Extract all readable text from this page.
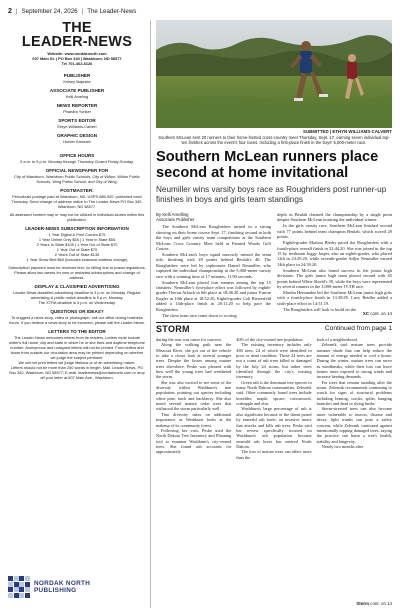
2 | September 24, 2026 | The Leader-News
THE
LEADER-NEWS
Website: www.nordaknorth.com
607 Main St. | PO Box 340 | Washburn, ND 58577
Tel 701-462-8126
PUBLISHER
Kelsey Majeske
ASSOCIATE PUBLISHER
Kelli Ameling
NEWS REPORTER
Phaedra Yunker
SPORTS EDITOR
Ethyn Williams-Calvert
GRAPHIC DESIGN
Hunter Kamrath
OFFICE HOURS
9 a.m. to 5 p.m. Monday through Thursday Closed Friday-Sunday.
OFFICIAL NEWSPAPER FOR
City of Washburn, Washburn Public Schools, City of Wilton, Wilton Public Schools, Wing Public School, and City of Wing.
POSTMASTER:
Periodicals postage paid at Washburn, ND, USPS 686-920, published each Thursday. Send change of address notice to The Leader-News PO Box 340, Washburn, ND 58577.
All assessed content may or may not be utilized in individual stories within this publication.
LEADER-NEWS SUBSCRIPTION INFORMATION
1 Year Digital & Print Combo $75
1 Year Online Only $55 | 1 Year In State $55
2 Years In State $105 | 1 Year Out of State $70
1 Year Out of State $70
2 Years Out of State $135
1 Year Snow Bird $60 (includes seasonal address change)
Subscription payment must be received first, no billing due to postal regulations. Please allow two weeks for new or restarted subscriptions and change of address.
DISPLAY & CLASSIFIED ADVERTISING
Leader-News classified advertising deadline is 3 p.m. on Monday. Regular advertising & public notice deadline is 5 p.m. Monday.
The XTRA deadline is 5 p.m. on Wednesday.
QUESTIONS OR IDEAS?
To suggest a news story, video or photograph, call our office during business hours. If you believe a news story to be incorrect, please call the Leader-News.
LETTERS TO THE EDITOR
The Leader-News welcomes letters from its readers. Letters must include writer's full name, city and state in which he or she lives and daytime telephone number. Anonymous and unsigned letters will not be printed. Form letters and those from outside our circulation area may be printed depending on whether we judge the subject pertinent.
We will not print letters we judge libelous or of an advertising nature.
Letters should not be more than 250 words in length. Mail: Leader-News, PO Box 340, Washburn, ND 58577; E-mail: leadernews@nordaknorth.com or drop off your letter at 607 Main Ave., Washburn.
NORDAK NORTH
PUBLISHING
SUBMITTED | ETHYN WILLIAMS-CALVERT
Southern McLean sent 20 runners to their home-hosted cross-country meet Thursday, Sept. 17, earning seven individual top-ten finishes across the event's four races. Including a first-place finish in the boys' 5,000-meter race.
Southern McLean runners place second at home invitational
Neumiller wins varsity boys race as Roughriders post runner-up finishes in boys and girls team standings
By Kelli Amelling
Associate Publisher

The Southern McLean Roughriders turned in a strong showing on their home course Sept. 17, finishing second in both the boys and girls varsity team competitions at the Southern McLean Cross Country Meet held at Painted Woods Golf Course.

Southern McLean's boys squad narrowly missed the team title, finishing with 49 points behind Beulah's 48. The Roughriders were led by sophomore Daniel Neumiller, who captured the individual championship in the 5,000-meter varsity race with a winning time of 17 minutes, 11.90 seconds.

Southern McLean placed four runners among the top 15 finishers. Neumiller's first-place effort was followed by eighth-grader Theron Arbach in 6th place at 18:46.20 and junior Easton Kugler in 10th place at 18:52.20. Eighth-grader Colt Riesterfeld added a 14th-place finish in 20:11.20 to help pace the Roughriders.

The close team race came down to scoring

depth as Beulah claimed the championship by a single point despite Southern McLean boasting the individual winner.

In the girls varsity race, Southern McLean finished second with 77 points behind team champion Beulah, which scored 29 points.

Eighth-grader Marissa Brisby paced the Roughriders with a fourth-place overall finish in 22:44.20. She was joined in the top 15 by freshman Joggy Jasper, also an eighth-grader, who placed 12th in 24:29.20, while seventh-grader Adlyn Neumiller earned 14th place in 24:39.20.

Southern McLean also found success in the junior high divisions. The girls junior high team placed second with 65 points behind White Shield's 39, while the boys were represented by several runners in the 3,000-meter JV/JH race.

Martha Hernandez led the Southern McLean junior high girls with a fourth-place finish in 13:38.85. Lucy Beidler added a sixth-place effort in 14:51.19.

The Roughriders will look to build on the

XC cont. on 14
STORM	Continued from page 1

during the tour was cause for concern.

Along the walking path near the Missouri River, she got out of the vehicle to take a closer look at several younger trees. Despite the losses among mature trees elsewhere, Peske was pleased with how well the young trees had weathered the storm.

She was also excited to see some of the diversity within Washburn's tree population, pointing out species including white pine, larch and hackberry. She also noted several mature cedar trees that withstood the storm particularly well.

That diversity takes on additional importance as Washburn looks at the makeup of its community forest.

Following her visit, Peske used the North Dakota Tree Inventory and Planning tool to examine Washburn's city-owned trees. She found ash accounts for approximately

40% of the city-owned tree population.

The existing inventory includes only 480 trees, 24 of which were identified in poor or dead condition. Those 24 trees are not a count of ash trees killed or damaged by the July 24 storm, but rather trees identified through the city's existing inventory.

Green ash is the dominant tree species in many North Dakota communities, Zeleznik said. Other commonly found trees include boxelder, maple, spruce, cottonwood, crabapple and elm.

Washburn's large percentage of ash is also significant because of the threat posed by emerald ash borer, an invasive insect that attacks and kills ash trees. Peske said her review specifically focused on Washburn's ash population because emerald ash borer has entered North Dakota.

The loss of mature trees can affect more than the

look of a neighborhood.

Zeleznik said mature trees provide summer shade that can help reduce the amount of energy needed to cool a home. During the winter, mature trees can serve as windbreaks, while their loss can leave homes more exposed to strong winds and increase heating demands.

For trees that remain standing after the storm, Zeleznik recommends continuing to watch for signs of structural problems including leaning, cracks, splits, hanging branches and dead or dying limbs.

Storm-stressed trees can also become more vulnerable to insects, disease and decay. Split trunks can pose a safety concern, while Zeleznik cautioned against intentionally topping damaged trees, saying the practice can harm a tree's health, stability and longevity.

Nearly two months after

Storm cont. on 14
